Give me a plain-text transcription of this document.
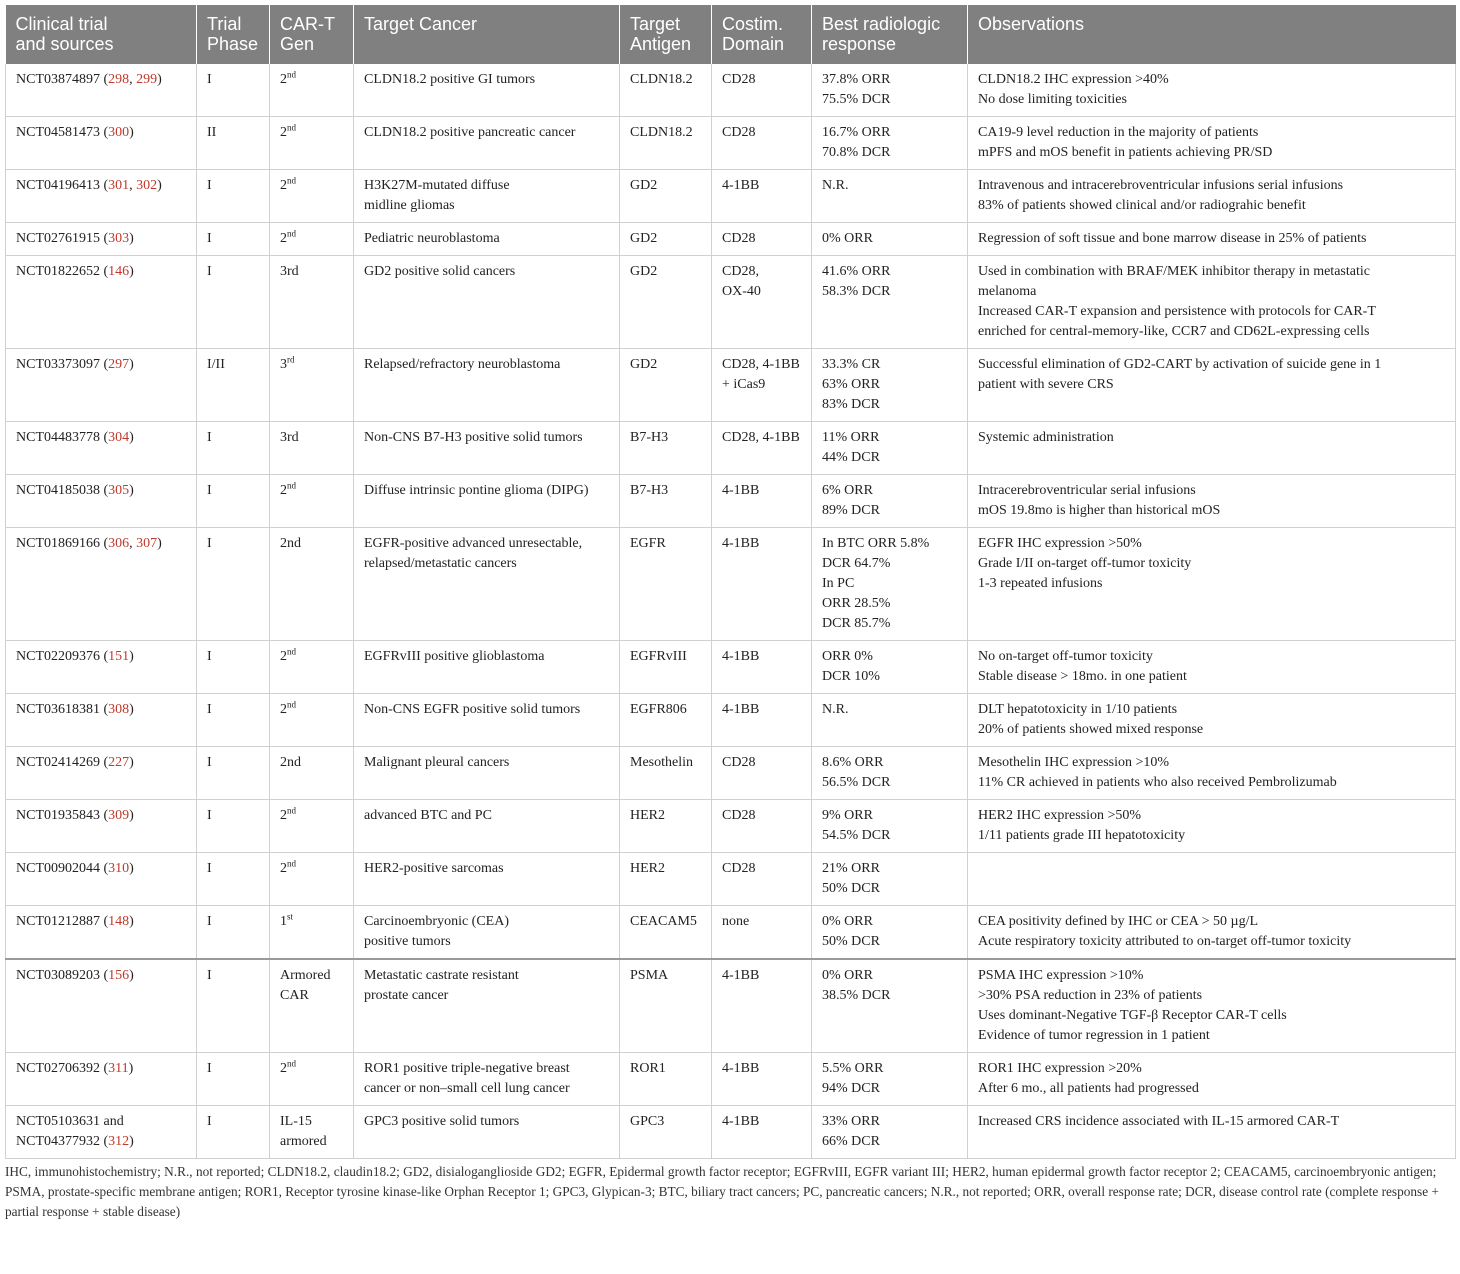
Clinical trial
and sources	Trial
Phase	CAR-T
Gen	Target Cancer	Target
Antigen	Costim.
Domain	Best radiologic
response	Observations

NCT03874897 (298, 299)	I	2nd	CLDN18.2 positive GI tumors	CLDN18.2	CD28	37.8% ORR
75.5% DCR	CLDN18.2 IHC expression >40%
No dose limiting toxicities

NCT04581473 (300)	II	2nd	CLDN18.2 positive pancreatic cancer	CLDN18.2	CD28	16.7% ORR
70.8% DCR	CA19-9 level reduction in the majority of patients
mPFS and mOS benefit in patients achieving PR/SD

NCT04196413 (301, 302)	I	2nd	H3K27M-mutated diffuse
midline gliomas	GD2	4-1BB	N.R.	Intravenous and intracerebroventricular infusions serial infusions
83% of patients showed clinical and/or radiograhic benefit

NCT02761915 (303)	I	2nd	Pediatric neuroblastoma	GD2	CD28	0% ORR	Regression of soft tissue and bone marrow disease in 25% of patients

NCT01822652 (146)	I	3rd	GD2 positive solid cancers	GD2	CD28,
OX-40	41.6% ORR
58.3% DCR	Used in combination with BRAF/MEK inhibitor therapy in metastatic
melanoma
Increased CAR-T expansion and persistence with protocols for CAR-T
enriched for central-memory-like, CCR7 and CD62L-expressing cells

NCT03373097 (297)	I/II	3rd	Relapsed/refractory neuroblastoma	GD2	CD28, 4-1BB
+ iCas9	33.3% CR
63% ORR
83% DCR	Successful elimination of GD2-CART by activation of suicide gene in 1
patient with severe CRS

NCT04483778 (304)	I	3rd	Non-CNS B7-H3 positive solid tumors	B7-H3	CD28, 4-1BB	11% ORR
44% DCR	Systemic administration

NCT04185038 (305)	I	2nd	Diffuse intrinsic pontine glioma (DIPG)	B7-H3	4-1BB	6% ORR
89% DCR	Intracerebroventricular serial infusions
mOS 19.8mo is higher than historical mOS

NCT01869166 (306, 307)	I	2nd	EGFR-positive advanced unresectable,
relapsed/metastatic cancers	EGFR	4-1BB	In BTC ORR 5.8%
DCR 64.7%
In PC
ORR 28.5%
DCR 85.7%	EGFR IHC expression >50%
Grade I/II on-target off-tumor toxicity
1-3 repeated infusions

NCT02209376 (151)	I	2nd	EGFRvIII positive glioblastoma	EGFRvIII	4-1BB	ORR 0%
DCR 10%	No on-target off-tumor toxicity
Stable disease > 18mo. in one patient

NCT03618381 (308)	I	2nd	Non-CNS EGFR positive solid tumors	EGFR806	4-1BB	N.R.	DLT hepatotoxicity in 1/10 patients
20% of patients showed mixed response

NCT02414269 (227)	I	2nd	Malignant pleural cancers	Mesothelin	CD28	8.6% ORR
56.5% DCR	Mesothelin IHC expression >10%
11% CR achieved in patients who also received Pembrolizumab

NCT01935843 (309)	I	2nd	advanced BTC and PC	HER2	CD28	9% ORR
54.5% DCR	HER2 IHC expression >50%
1/11 patients grade III hepatotoxicity

NCT00902044 (310)	I	2nd	HER2-positive sarcomas	HER2	CD28	21% ORR
50% DCR	

NCT01212887 (148)	I	1st	Carcinoembryonic (CEA)
positive tumors	CEACAM5	none	0% ORR
50% DCR	CEA positivity defined by IHC or CEA > 50 µg/L
Acute respiratory toxicity attributed to on-target off-tumor toxicity

NCT03089203 (156)	I	Armored CAR	Metastatic castrate resistant
prostate cancer	PSMA	4-1BB	0% ORR
38.5% DCR	PSMA IHC expression >10%
>30% PSA reduction in 23% of patients
Uses dominant-Negative TGF-β Receptor CAR-T cells
Evidence of tumor regression in 1 patient

NCT02706392 (311)	I	2nd	ROR1 positive triple-negative breast
cancer or non–small cell lung cancer	ROR1	4-1BB	5.5% ORR
94% DCR	ROR1 IHC expression >20%
After 6 mo., all patients had progressed

NCT05103631 and NCT04377932 (312)	I	IL-15 armored	GPC3 positive solid tumors	GPC3	4-1BB	33% ORR
66% DCR	Increased CRS incidence associated with IL-15 armored CAR-T
IHC, immunohistochemistry; N.R., not reported; CLDN18.2, claudin18.2; GD2, disialoganglioside GD2; EGFR, Epidermal growth factor receptor; EGFRvIII, EGFR variant III; HER2, human epidermal growth factor receptor 2; CEACAM5, carcinoembryonic antigen; PSMA, prostate-specific membrane antigen; ROR1, Receptor tyrosine kinase-like Orphan Receptor 1; GPC3, Glypican-3; BTC, biliary tract cancers; PC, pancreatic cancers; N.R., not reported; ORR, overall response rate; DCR, disease control rate (complete response + partial response + stable disease)
